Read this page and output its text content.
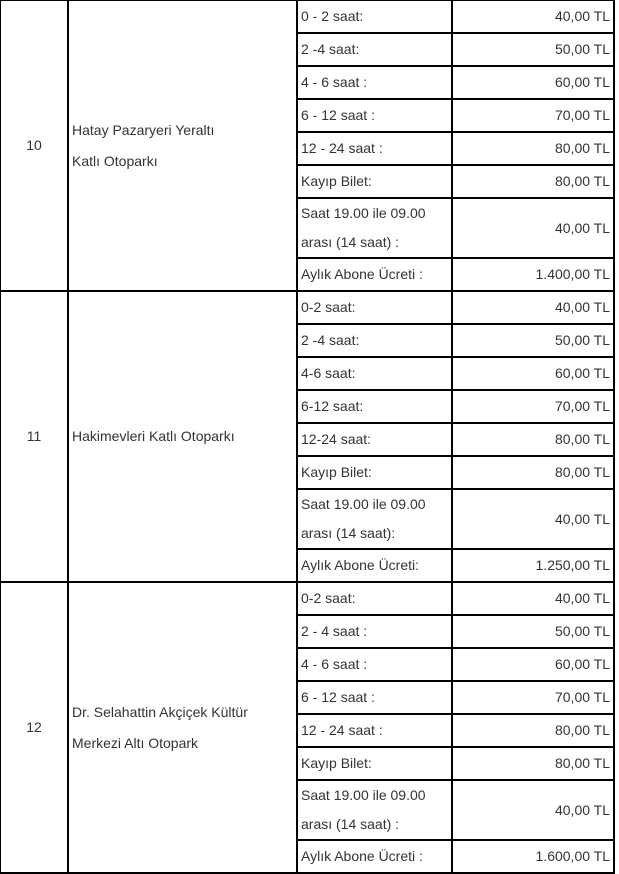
10	Hatay Pazaryeri Yeraltı
Katlı Otoparkı	0 - 2 saat:	40,00 TL
		2 -4 saat:	50,00 TL
		4 - 6 saat :	60,00 TL
		6 - 12 saat :	70,00 TL
		12 - 24 saat :	80,00 TL
		Kayıp Bilet:	80,00 TL

		Saat 19.00 ile 09.00
arası (14 saat) :	40,00 TL
		Aylık Abone Ücreti :	1.400,00 TL
11	Hakimevleri Katlı Otoparkı	0-2 saat:	40,00 TL
		2 -4 saat:	50,00 TL
		4-6 saat:	60,00 TL
		6-12 saat:	70,00 TL
		12-24 saat:	80,00 TL
		Kayıp Bilet:	80,00 TL

		Saat 19.00 ile 09.00
arası (14 saat):	40,00 TL
		Aylık Abone Ücreti:	1.250,00 TL
12	Dr. Selahattin Akçiçek Kültür
Merkezi Altı Otopark	0-2 saat:	40,00 TL
		2 - 4 saat :	50,00 TL
		4 - 6 saat :	60,00 TL
		6 - 12 saat :	70,00 TL
		12 - 24 saat :	80,00 TL
		Kayıp Bilet:	80,00 TL

		Saat 19.00 ile 09.00
arası (14 saat) :	40,00 TL
		Aylık Abone Ücreti :	1.600,00 TL
